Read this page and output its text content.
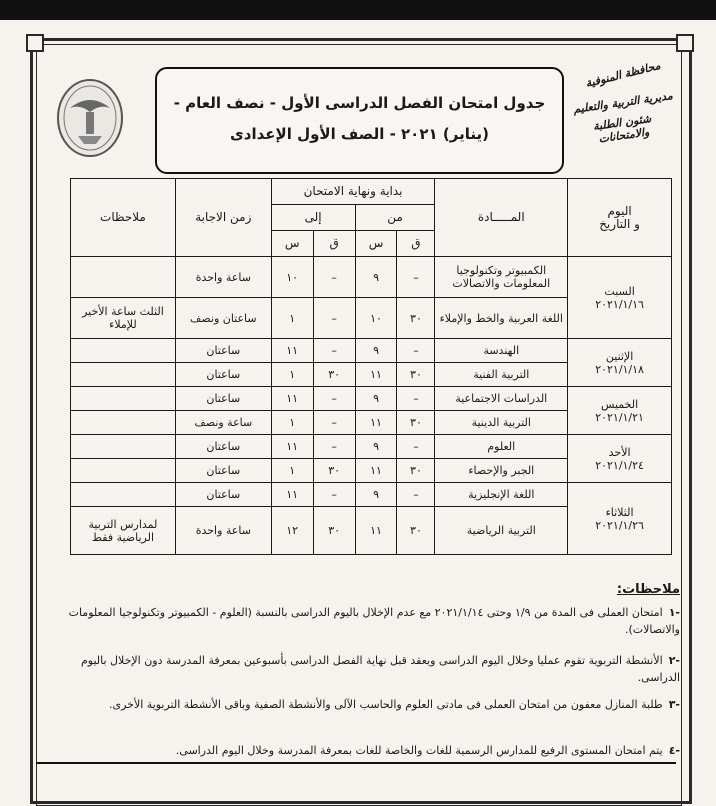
جدول امتحان الفصل الدراسى الأول - نصف العام -
(يناير) ٢٠٢١ - الصف الأول الإعدادى
محافظة المنوفية
مديرية التربية والتعليم
شئون الطلبة والامتحانات
اليوم
و التاريخ	المـــــادة	بداية ونهاية الامتحان				زمن الاجابة	ملاحظات
		من		إلى			
		ق	س	ق	س		

السبت
٢٠٢١/١/١٦	الكمبيوتر وتكنولوجيا المعلومات والاتصالات	–	٩	–	١٠	ساعة واحدة	
	اللغة العربية والخط والإملاء	٣٠	١٠	–	١	ساعتان ونصف	الثلث ساعة الأخير للإملاء

الإثنين
٢٠٢١/١/١٨	الهندسة	–	٩	–	١١	ساعتان	
	التربية الفنية	٣٠	١١	٣٠	١	ساعتان	

الخميس
٢٠٢١/١/٢١	الدراسات الاجتماعية	–	٩	–	١١	ساعتان	
	التربية الدينية	٣٠	١١	–	١	ساعة ونصف	

الأحد
٢٠٢١/١/٢٤	العلوم	–	٩	–	١١	ساعتان	
	الجبر والإحصاء	٣٠	١١	٣٠	١	ساعتان	

الثلاثاء
٢٠٢١/١/٢٦	اللغة الإنجليزية	–	٩	–	١١	ساعتان	
	التربية الرياضية	٣٠	١١	٣٠	١٢	ساعة واحدة	لمدارس التربية الرياضية فقط
ملاحظات:
-١امتحان العملى فى المدة من ١/٩ وحتى ٢٠٢١/١/١٤ مع عدم الإخلال باليوم الدراسى بالنسبة (العلوم - الكمبيوتر وتكنولوجيا المعلومات والاتصالات).
-٢الأنشطة التربوية تقوم عمليا وخلال اليوم الدراسى ويعقد قبل نهاية الفصل الدراسى بأسبوعين بمعرفة المدرسة دون الإخلال باليوم الدراسى.
-٣طلبة المنازل معفون من امتحان العملى فى مادتى العلوم والحاسب الآلى والأنشطة الصفية وباقى الأنشطة التربوية الأخرى.
-٤يتم امتحان المستوى الرفيع للمدارس الرسمية للغات والخاصة للغات بمعرفة المدرسة وخلال اليوم الدراسى.
